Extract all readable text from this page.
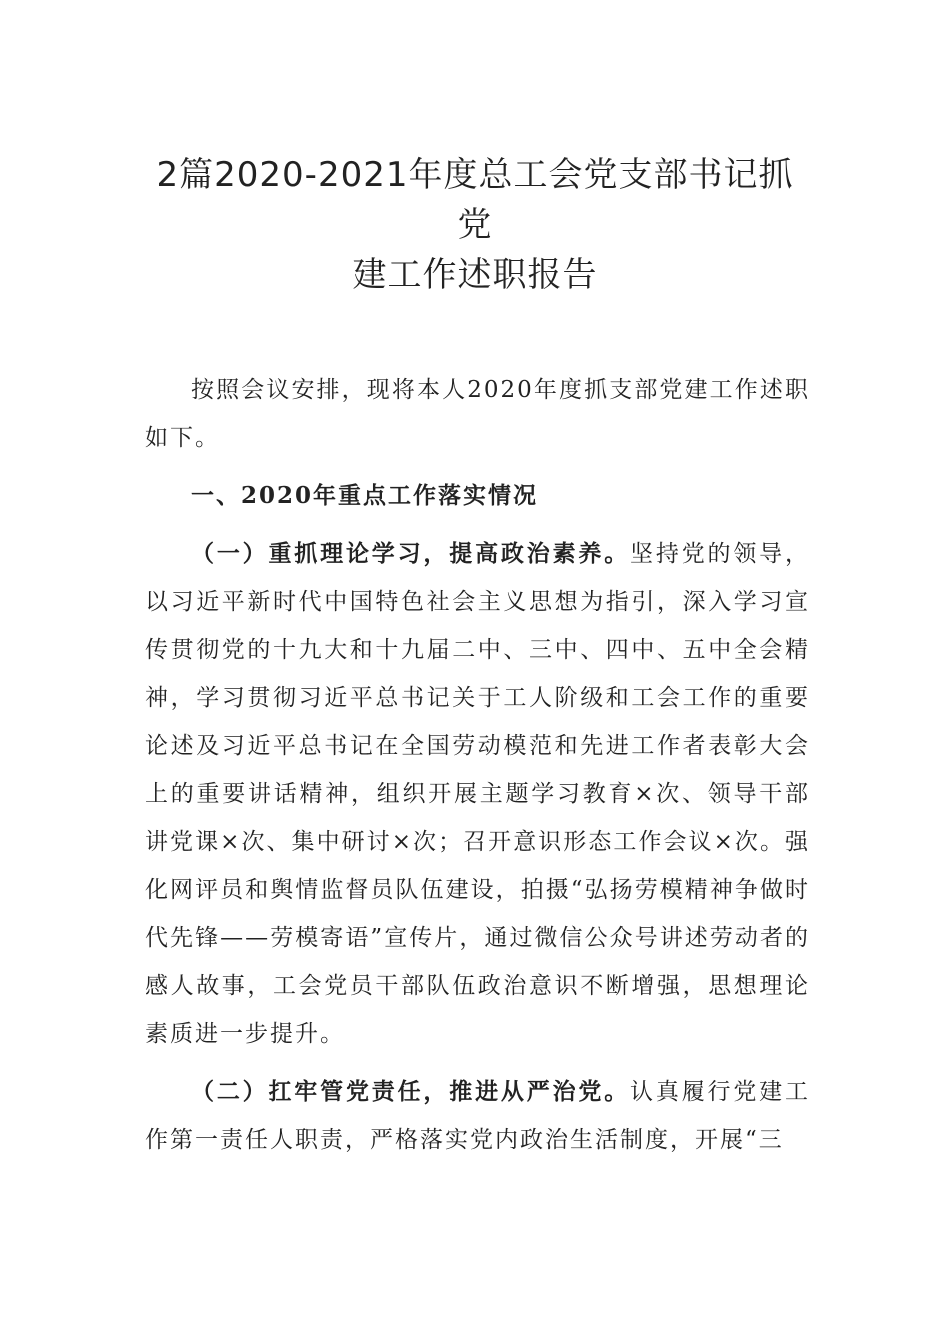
2篇2020-2021年度总工会党支部书记抓党
建工作述职报告

按照会议安排，现将本人2020年度抓支部党建工作述职如下。

一、2020年重点工作落实情况

（一）重抓理论学习，提高政治素养。坚持党的领导，以习近平新时代中国特色社会主义思想为指引，深入学习宣传贯彻党的十九大和十九届二中、三中、四中、五中全会精神，学习贯彻习近平总书记关于工人阶级和工会工作的重要论述及习近平总书记在全国劳动模范和先进工作者表彰大会上的重要讲话精神，组织开展主题学习教育×次、领导干部讲党课×次、集中研讨×次；召开意识形态工作会议×次。强化网评员和舆情监督员队伍建设，拍摄“弘扬劳模精神争做时代先锋——劳模寄语”宣传片，通过微信公众号讲述劳动者的感人故事，工会党员干部队伍政治意识不断增强，思想理论素质进一步提升。

（二）扛牢管党责任，推进从严治党。认真履行党建工作第一责任人职责，严格落实党内政治生活制度，开展“三
